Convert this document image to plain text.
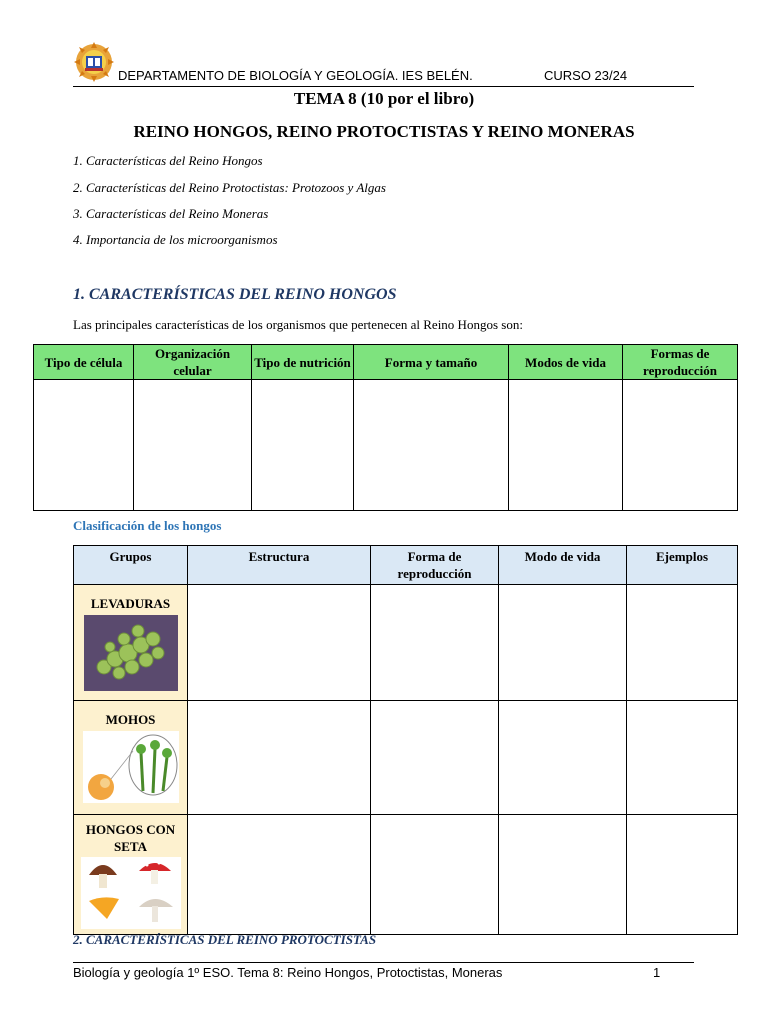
DEPARTAMENTO DE BIOLOGÍA Y GEOLOGÍA. IES BELÉN.	CURSO 23/24
TEMA 8 (10 por el libro)
REINO HONGOS, REINO PROTOCTISTAS Y REINO MONERAS
1. Características del Reino Hongos
2. Características del Reino Protoctistas: Protozoos y Algas
3. Características del Reino Moneras
4. Importancia de los microorganismos
1. CARACTERÍSTICAS DEL REINO HONGOS
Las principales características de los organismos que pertenecen al Reino Hongos son:
Tipo de célula	Organización celular	Tipo de nutrición	Forma y tamaño	Modos de vida	Formas de reproducción

Clasificación de los hongos
Grupos	Estructura	Forma de reproducción	Modo de vida	Ejemplos

LEVADURAS				

MOHOS				

HONGOS CON SETA				

2. CARACTERÍSTICAS DEL REINO PROTOCTISTAS
Biología y geología 1º ESO. Tema 8: Reino Hongos, Protoctistas, Moneras	1
